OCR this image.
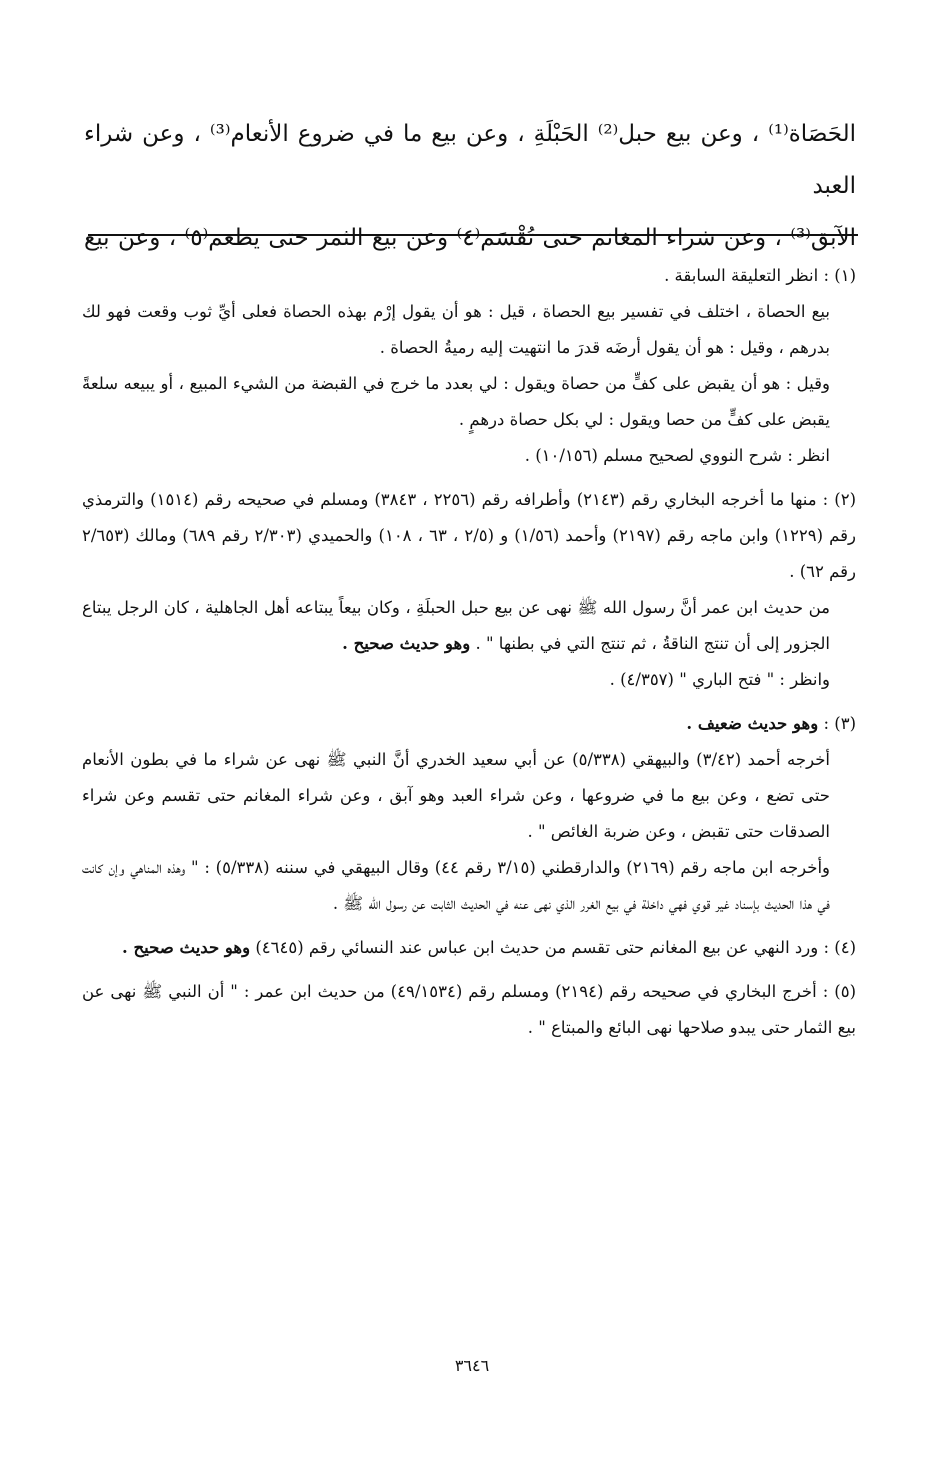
الحَصَاة⁽¹⁾ ، وعن بيع حبل⁽²⁾ الحَبْلَةِ ، وعن بيع ما في ضروع الأنعام⁽³⁾ ، وعن شراء العبد

الآبق⁽³⁾ ، وعن شراء المغانم حتى تُقْسَم⁽٤⁾ وعن بيع الثمر حتى يطعم⁽٥⁾ ، وعن بيع

(١) : انظر التعليقة السابقة .
بيع الحصاة ، اختلف في تفسير بيع الحصاة ، قيل : هو أن يقول إرْم بهذه الحصاة فعلى أيِّ ثوب وقعت فهو لك بدرهم ، وقيل : هو أن يقول أرضَه قدرَ ما انتهيت إليه رميةُ الحصاة .
وقيل : هو أن يقبض على كفٍّ من حصاة ويقول : لي بعدد ما خرج في القبضة من الشيء المبيع ، أو يبيعه سلعةً يقبض على كفٍّ من حصا ويقول : لي بكل حصاة درهمٍ .
انظر : شرح النووي لصحيح مسلم (١٠/١٥٦) .
(٢) : منها ما أخرجه البخاري رقم (٢١٤٣) وأطرافه رقم (٢٢٥٦ ، ٣٨٤٣) ومسلم في صحيحه رقم (١٥١٤) والترمذي رقم (١٢٢٩) وابن ماجه رقم (٢١٩٧) وأحمد (١/٥٦) و (٢/٥ ، ٦٣ ، ١٠٨) والحميدي (٢/٣٠٣ رقم ٦٨٩) ومالك (٢/٦٥٣ رقم ٦٢) .
من حديث ابن عمر أنَّ رسول الله ﷺ نهى عن بيع حبل الحبلَةِ ، وكان بيعاً يبتاعه أهل الجاهلية ، كان الرجل يبتاع الجزور إلى أن تنتج الناقةُ ، ثم تنتج التي في بطنها " . وهو حديث صحيح .
وانظر : " فتح الباري " (٤/٣٥٧) .
(٣) : وهو حديث ضعيف .
أخرجه أحمد (٣/٤٢) والبيهقي (٥/٣٣٨) عن أبي سعيد الخدري أنَّ النبي ﷺ نهى عن شراء ما في بطون الأنعام حتى تضع ، وعن بيع ما في ضروعها ، وعن شراء العبد وهو آبق ، وعن شراء المغانم حتى تقسم وعن شراء الصدقات حتى تقبض ، وعن ضربة الغائص " .
وأخرجه ابن ماجه رقم (٢١٦٩) والدارقطني (٣/١٥ رقم ٤٤) وقال البيهقي في سننه (٥/٣٣٨) : " وهذه المناهي وإن كانت في هذا الحديث بإسناد غير قوي فهي داخلة في بيع الغرر الذي نهى عنه في الحديث الثابت عن رسول الله ﷺ .
(٤) : ورد النهي عن بيع المغانم حتى تقسم من حديث ابن عباس عند النسائي رقم (٤٦٤٥) وهو حديث صحيح .
(٥) : أخرج البخاري في صحيحه رقم (٢١٩٤) ومسلم رقم (٤٩/١٥٣٤) من حديث ابن عمر : " أن النبي ﷺ نهى عن بيع الثمار حتى يبدو صلاحها نهى البائع والمبتاع " .
٣٦٤٦
